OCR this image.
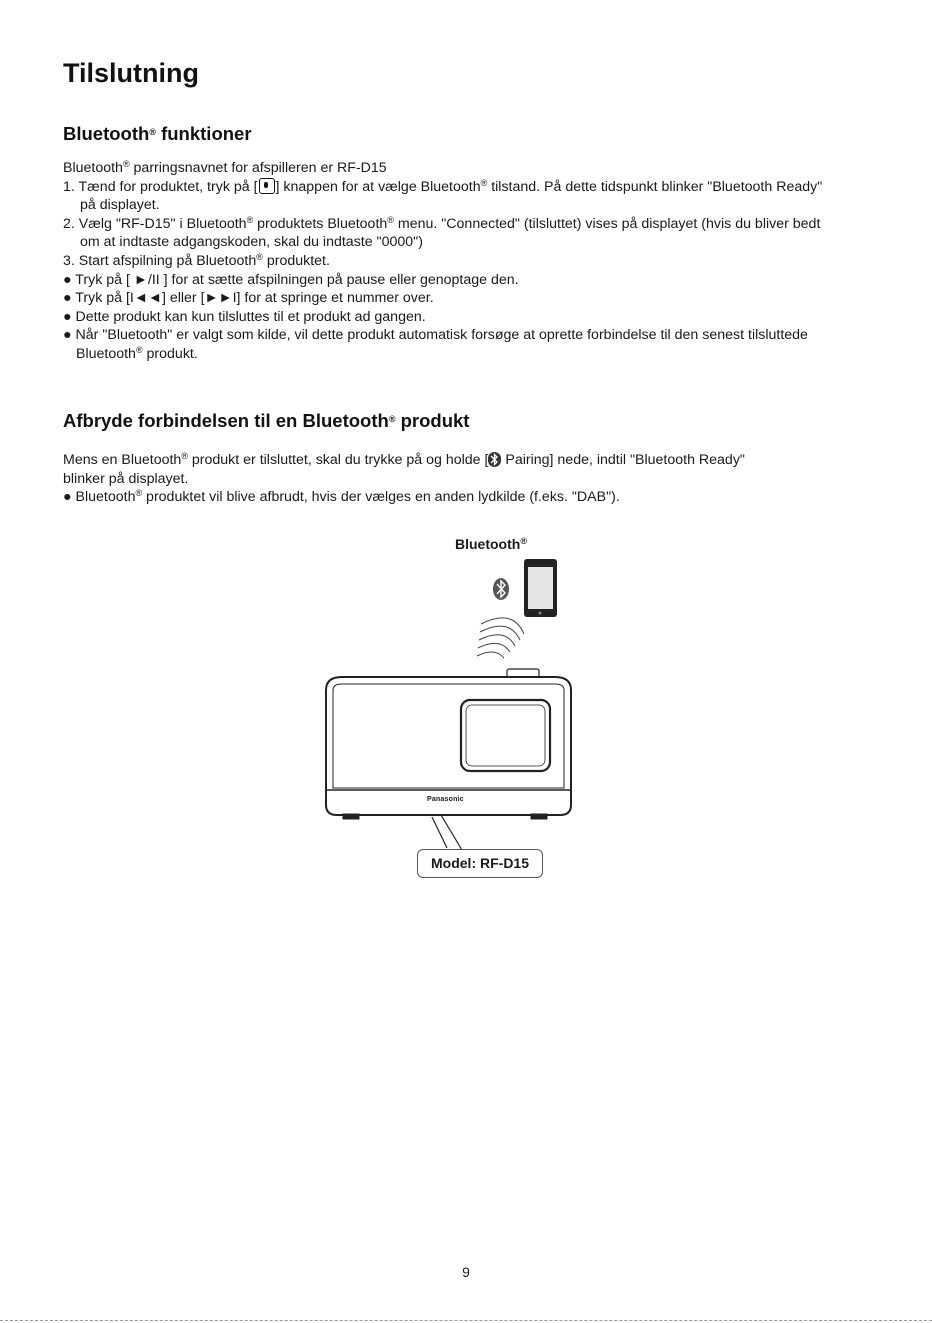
Tilslutning
Bluetooth® funktioner
Bluetooth® parringsnavnet for afspilleren er RF-D15
1. Tænd for produktet, tryk på [ ] knappen for at vælge Bluetooth® tilstand. På dette tidspunkt blinker "Bluetooth Ready"
på displayet.
2. Vælg "RF-D15" i Bluetooth® produktets Bluetooth® menu. "Connected" (tilsluttet) vises på displayet (hvis du bliver bedt
om at indtaste adgangskoden, skal du indtaste "0000")
3. Start afspilning på Bluetooth® produktet.
● Tryk på [ ►/II ] for at sætte afspilningen på pause eller genoptage den.
● Tryk på [I◄◄] eller [►►I] for at springe et nummer over.
● Dette produkt kan kun tilsluttes til et produkt ad gangen.
● Når "Bluetooth" er valgt som kilde, vil dette produkt automatisk forsøge at oprette forbindelse til den senest tilsluttede
Bluetooth® produkt.
Afbryde forbindelsen til en Bluetooth® produkt
Mens en Bluetooth® produkt er tilsluttet, skal du trykke på og holde [
Pairing] nede, indtil "Bluetooth Ready"
blinker på displayet.
● Bluetooth® produktet vil blive afbrudt, hvis der vælges en anden lydkilde (f.eks. "DAB").
Bluetooth®
Panasonic
Model: RF-D15
9
